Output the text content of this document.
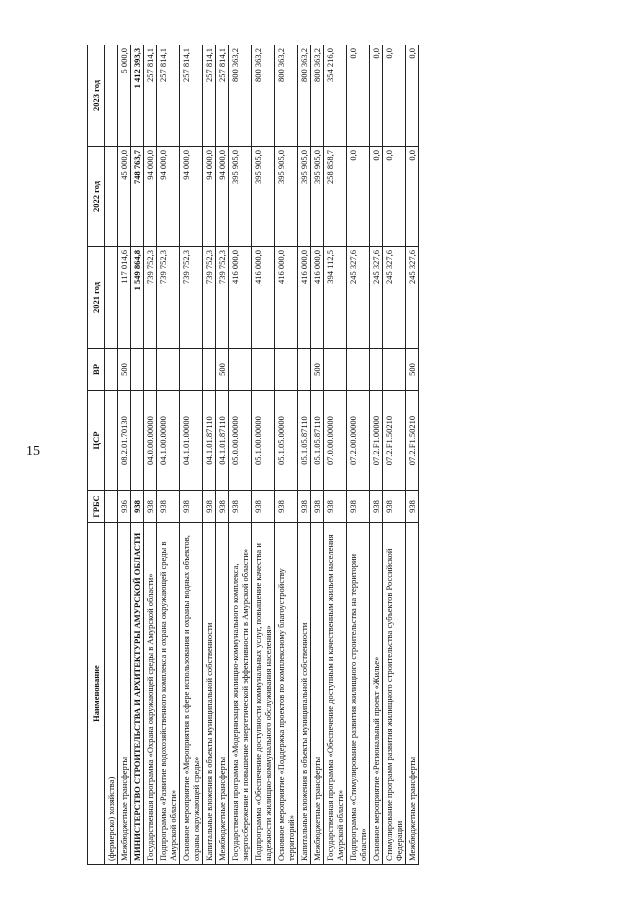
15
Наименование	ГРБС	ЦСР	ВР	2021 год	2022 год	2023 год
(фермерско) хозяйства)						
Межбюджетные трансферты	936	08.2.01.70130	500	117 014,6	45 000,0	5 000,0
МИНИСТЕРСТВО СТРОИТЕЛЬСТВА И АРХИТЕКТУРЫ АМУРСКОЙ ОБЛАСТИ	938			1 549 864,8	748 763,7	1 412 393,3
Государственная программа «Охрана окружающей среды в Амурской области»	938	04.0.00.00000		739 752,3	94 000,0	257 814,1
Подпрограмма «Развитие водохозяйственного комплекса и охрана окружающей среды в Амурской области»	938	04.1.00.00000		739 752,3	94 000,0	257 814,1
Основное мероприятие «Мероприятия в сфере использования и охраны водных объектов, охраны окружающей среды»	938	04.1.01.00000		739 752,3	94 000,0	257 814,1
Капитальные вложения в объекты муниципальной собственности	938	04.1.01.87110		739 752,3	94 000,0	257 814,1
Межбюджетные трансферты	938	04.1.01.87110	500	739 752,3	94 000,0	257 814,1
Государственная программа «Модернизация жилищно-коммунального комплекса, энергосбережение и повышение энергетической эффективности в Амурской области»	938	05.0.00.00000		416 000,0	395 905,0	800 363,2
Подпрограмма «Обеспечение доступности коммунальных услуг, повышение качества и надежности жилищно-коммунального обслуживания населения»	938	05.1.00.00000		416 000,0	395 905,0	800 363,2
Основное мероприятие «Поддержка проектов по комплексному благоустройству территорий»	938	05.1.05.00000		416 000,0	395 905,0	800 363,2
Капитальные вложения в объекты муниципальной собственности	938	05.1.05.87110		416 000,0	395 905,0	800 363,2
Межбюджетные трансферты	938	05.1.05.87110	500	416 000,0	395 905,0	800 363,2
Государственная программа «Обеспечение доступным и качественным жильем населения Амурской области»	938	07.0.00.00000		394 112,5	258 858,7	354 216,0
Подпрограмма «Стимулирование развития жилищного строительства на территории области»	938	07.2.00.00000		245 327,6	0,0	0,0
Основное мероприятие «Региональный проект «Жилье»	938	07.2.F1.00000		245 327,6	0,0	0,0
Стимулирование программ развития жилищного строительства субъектов Российской Федерации	938	07.2.F1.50210		245 327,6	0,0	0,0
Межбюджетные трансферты	938	07.2.F1.50210	500	245 327,6	0,0	0,0
